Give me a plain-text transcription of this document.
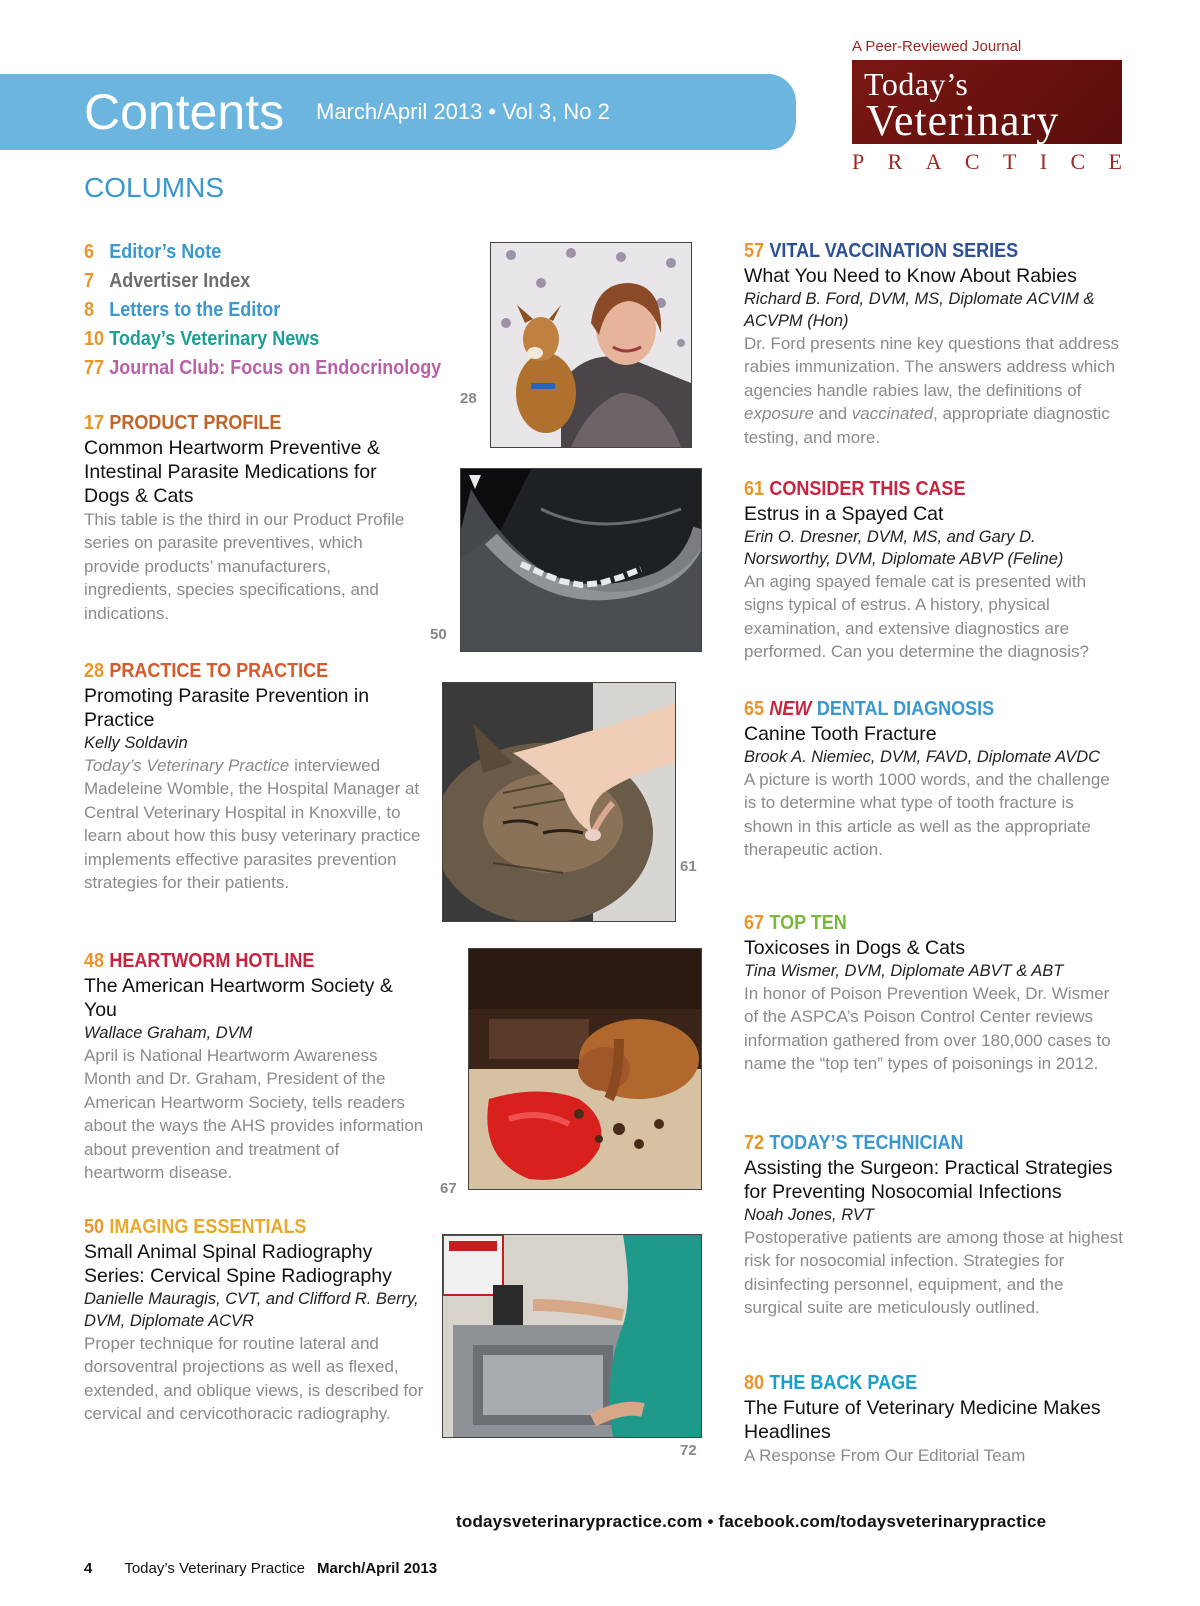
Contents March/April 2013 • Vol 3, No 2
A Peer-Reviewed Journal
Today’s
Veterinary
P R A C T I C E
COLUMNS
6 Editor’s Note
7 Advertiser Index
8 Letters to the Editor
10 Today’s Veterinary News
77 Journal Club: Focus on Endocrinology
17 PRODUCT PROFILE
Common Heartworm Preventive & Intestinal Parasite Medications for Dogs & Cats
This table is the third in our Product Profile series on parasite preventives, which provide products’ manufacturers, ingredients, species specifications, and indications.
28 PRACTICE TO PRACTICE
Promoting Parasite Prevention in Practice
Kelly Soldavin
Today’s Veterinary Practice interviewed Madeleine Womble, the Hospital Manager at Central Veterinary Hospital in Knoxville, to learn about how this busy veterinary practice implements effective parasites prevention strategies for their patients.
48 HEARTWORM HOTLINE
The American Heartworm Society & You
Wallace Graham, DVM
April is National Heartworm Awareness Month and Dr. Graham, President of the American Heartworm Society, tells readers about the ways the AHS provides information about prevention and treatment of heartworm disease.
50 IMAGING ESSENTIALS
Small Animal Spinal Radiography Series: Cervical Spine Radiography
Danielle Mauragis, CVT, and Clifford R. Berry, DVM, Diplomate ACVR
Proper technique for routine lateral and dorsoventral projections as well as flexed, extended, and oblique views, is described for cervical and cervicothoracic radiography.
57 VITAL VACCINATION SERIES
What You Need to Know About Rabies
Richard B. Ford, DVM, MS, Diplomate ACVIM & ACVPM (Hon)
Dr. Ford presents nine key questions that address rabies immunization. The answers address which agencies handle rabies law, the definitions of exposure and vaccinated, appropriate diagnostic testing, and more.
61 CONSIDER THIS CASE
Estrus in a Spayed Cat
Erin O. Dresner, DVM, MS, and Gary D. Norsworthy, DVM, Diplomate ABVP (Feline)
An aging spayed female cat is presented with signs typical of estrus. A history, physical examination, and extensive diagnostics are performed. Can you determine the diagnosis?
65 NEW DENTAL DIAGNOSIS
Canine Tooth Fracture
Brook A. Niemiec, DVM, FAVD, Diplomate AVDC
A picture is worth 1000 words, and the challenge is to determine what type of tooth fracture is shown in this article as well as the appropriate therapeutic action.
67 TOP TEN
Toxicoses in Dogs & Cats
Tina Wismer, DVM, Diplomate ABVT & ABT
In honor of Poison Prevention Week, Dr. Wismer of the ASPCA’s Poison Control Center reviews information gathered from over 180,000 cases to name the “top ten” types of poisonings in 2012.
72 TODAY’S TECHNICIAN
Assisting the Surgeon: Practical Strategies for Preventing Nosocomial Infections
Noah Jones, RVT
Postoperative patients are among those at highest risk for nosocomial infection. Strategies for disinfecting personnel, equipment, and the surgical suite are meticulously outlined.
80 THE BACK PAGE
The Future of Veterinary Medicine Makes Headlines
A Response From Our Editorial Team
28
50
61
67
72
todaysveterinarypractice.com • facebook.com/todaysveterinarypractice
4 Today’s Veterinary Practice March/April 2013
